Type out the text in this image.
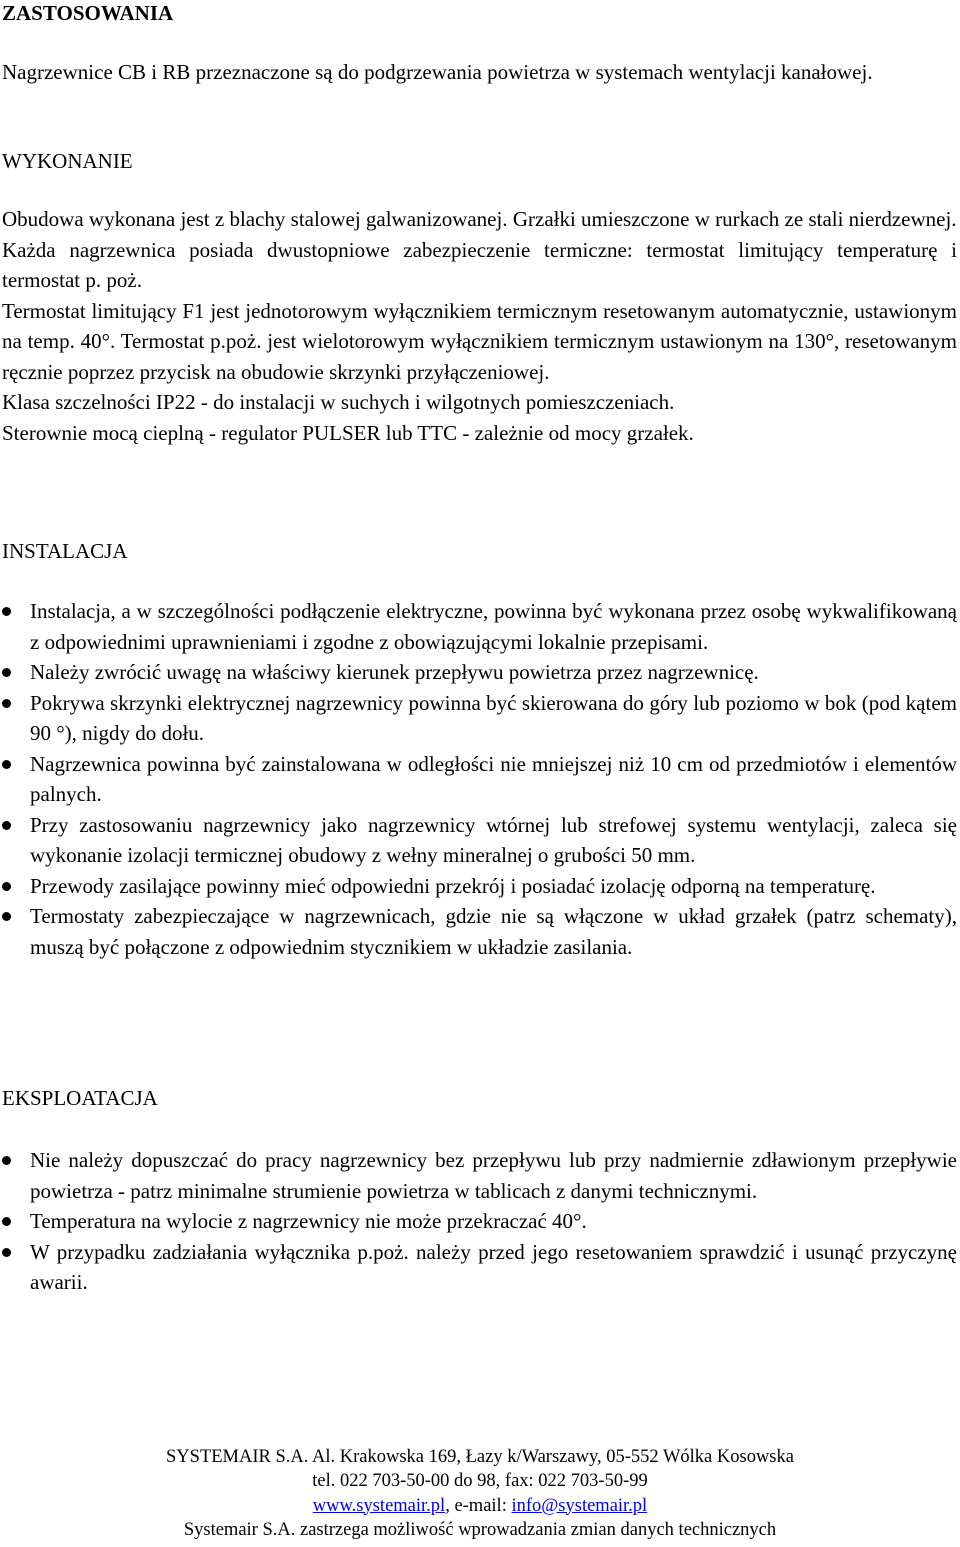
ZASTOSOWANIA

Nagrzewnice CB i RB przeznaczone są do podgrzewania powietrza w systemach wentylacji kanałowej.

WYKONANIE

Obudowa wykonana jest z blachy stalowej galwanizowanej. Grzałki umieszczone w rurkach ze stali nierdzewnej.

Każda nagrzewnica posiada dwustopniowe zabezpieczenie termiczne: termostat limitujący temperaturę i termostat p. poż.

Termostat limitujący F1 jest jednotorowym wyłącznikiem termicznym resetowanym automatycznie, ustawionym na temp. 40°. Termostat p.poż. jest wielotorowym wyłącznikiem termicznym ustawionym na 130°, resetowanym ręcznie poprzez przycisk na obudowie skrzynki przyłączeniowej.

Klasa szczelności IP22 - do instalacji w suchych i wilgotnych pomieszczeniach.

Sterownie mocą cieplną - regulator PULSER lub TTC - zależnie od mocy grzałek.

INSTALACJA
Instalacja, a w szczególności podłączenie elektryczne, powinna być wykonana przez osobę wykwalifikowaną z odpowiednimi uprawnieniami i zgodne z obowiązującymi lokalnie przepisami.
Należy zwrócić uwagę na właściwy kierunek przepływu powietrza przez nagrzewnicę.
Pokrywa skrzynki elektrycznej nagrzewnicy powinna być skierowana do góry lub poziomo w bok (pod kątem 90 °), nigdy do dołu.
Nagrzewnica powinna być zainstalowana w odległości nie mniejszej niż 10 cm od przedmiotów i elementów palnych.
Przy zastosowaniu nagrzewnicy jako nagrzewnicy wtórnej lub strefowej systemu wentylacji, zaleca się wykonanie izolacji termicznej obudowy z wełny mineralnej o grubości 50 mm.
Przewody zasilające powinny mieć odpowiedni przekrój i posiadać izolację odporną na temperaturę.
Termostaty zabezpieczające w nagrzewnicach, gdzie nie są włączone w układ grzałek (patrz schematy), muszą być połączone z odpowiednim stycznikiem w układzie zasilania.
EKSPLOATACJA
Nie należy dopuszczać do pracy nagrzewnicy bez przepływu lub przy nadmiernie zdławionym przepływie powietrza - patrz minimalne strumienie powietrza w tablicach z danymi technicznymi.
Temperatura na wylocie z nagrzewnicy nie może przekraczać 40°.
W przypadku zadziałania wyłącznika p.poż. należy przed jego resetowaniem sprawdzić i usunąć przyczynę awarii.
SYSTEMAIR S.A. Al. Krakowska 169, Łazy k/Warszawy, 05-552 Wólka Kosowska
tel. 022 703-50-00 do 98, fax: 022 703-50-99
www.systemair.pl, e-mail: info@systemair.pl
Systemair S.A. zastrzega możliwość wprowadzania zmian danych technicznych
